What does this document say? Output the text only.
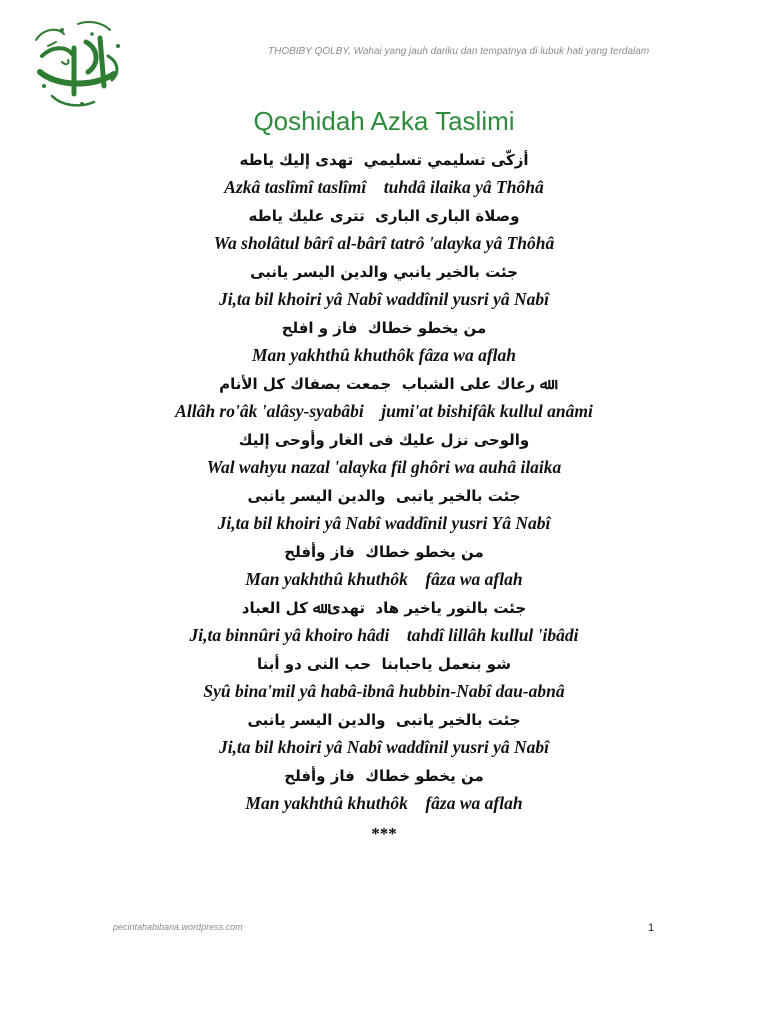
THOBIBY QOLBY, Wahai yang jauh dariku dan tempatnya di lubuk hati yang terdalam
Qoshidah Azka Taslimi
أزكّى تسليمي تسليمي  تهدى إليك ياطه
Azkâ taslîmî taslîmî    tuhdâ ilaika yâ Thôhâ
وصلاة البارى البارى  تترى عليك ياطه
Wa sholâtul bârî al-bârî tatrô 'alayka yâ Thôhâ
جئت بالخير يانبي والدين اليسر يانبى
Ji,ta bil khoiri yâ Nabî waddînil yusri yâ Nabî
من يخطو خطاك  فاز و افلح
Man yakhthû khuthôk fâza wa aflah
ﷲ رعاك على الشباب  جمعت بصفاك كل الأنام
Allâh ro'âk 'alâsy-syabâbi    jumi'at bishifâk kullul anâmi
والوحى نزل عليك فى الغار وأوحى إليك
Wal wahyu nazal 'alayka fil ghôri wa auhâ ilaika
جئت بالخير يانبى  والدين اليسر يانبى
Ji,ta bil khoiri yâ Nabî waddînil yusri Yâ Nabî
من يخطو خطاك  فاز وأفلح
Man yakhthû khuthôk    fâza wa aflah
جئت بالنور ياخير هاد  تهدى ﷲ كل العباد
Ji,ta binnûri yâ khoiro hâdi    tahdî lillâh kullul 'ibâdi
شو بنعمل ياحبابنا  حب النى دو أبنا
Syû bina'mil yâ habâ-ibnâ hubbin-Nabî dau-abnâ
جئت بالخير يانبى  والدين اليسر يانبى
Ji,ta bil khoiri yâ Nabî waddînil yusri yâ Nabî
من يخطو خطاك  فاز وأفلح
Man yakhthû khuthôk    fâza wa aflah
***
pecintahabibana.wordpress.com	1
